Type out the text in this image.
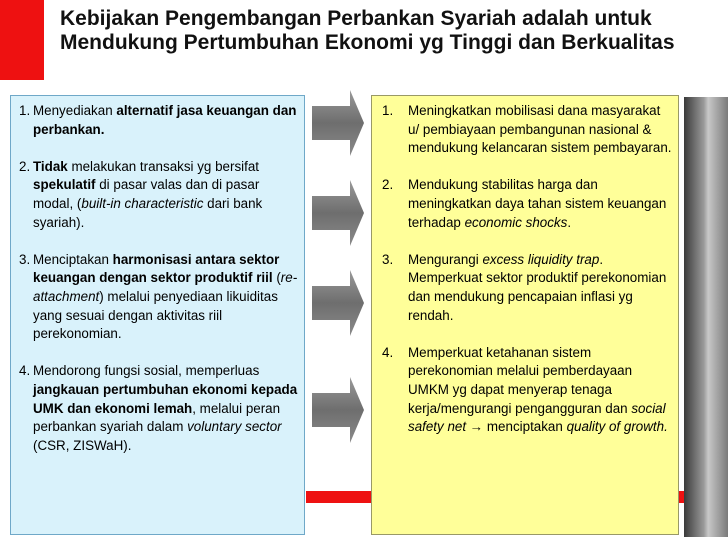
Kebijakan Pengembangan Perbankan Syariah adalah untuk Mendukung Pertumbuhan Ekonomi yg Tinggi dan Berkualitas
1. Menyediakan alternatif jasa keuangan dan perbankan.
2. Tidak melakukan transaksi yg bersifat spekulatif di pasar valas dan di pasar modal, (built-in characteristic dari bank syariah).
3. Menciptakan harmonisasi antara sektor keuangan dengan sektor produktif riil (re-attachment) melalui penyediaan likuiditas yang sesuai dengan aktivitas riil perekonomian.
4. Mendorong fungsi sosial, memperluas jangkauan pertumbuhan ekonomi kepada UMK dan ekonomi lemah, melalui peran perbankan syariah dalam voluntary sector (CSR, ZISWaH).
1.	Meningkatkan mobilisasi dana masyarakat u/ pembiayaan pembangunan nasional & mendukung kelancaran sistem pembayaran.
2.	Mendukung stabilitas harga dan meningkatkan daya tahan sistem keuangan terhadap economic shocks.
3.	Mengurangi excess liquidity trap. Memperkuat sektor produktif perekonomian dan mendukung pencapaian inflasi yg rendah.
4.	Memperkuat ketahanan sistem perekonomian melalui pemberdayaan UMKM yg dapat menyerap tenaga kerja/mengurangi pengangguran dan social safety net → menciptakan quality of growth.
